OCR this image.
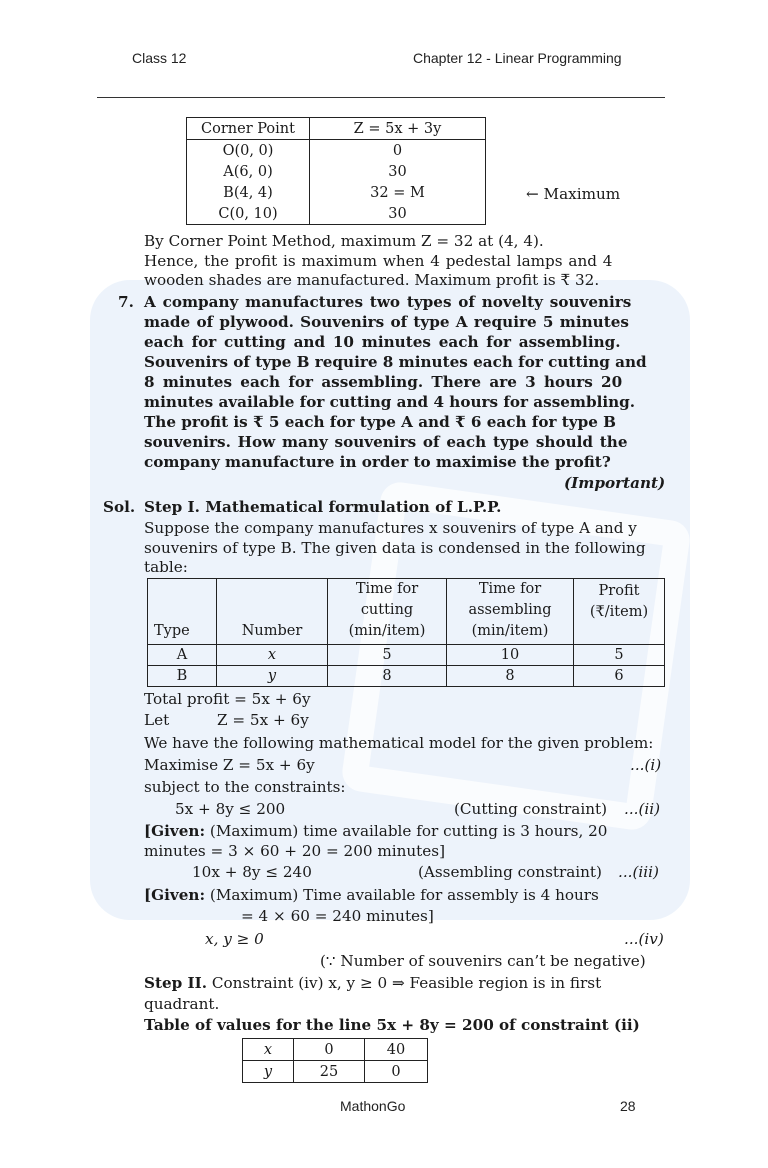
Class 12	Chapter 12 - Linear Programming
Corner Point	Z = 5x + 3y
O(0, 0)	0
A(6, 0)	30
B(4, 4)	32 = M
C(0, 10)	30
← Maximum
By Corner Point Method, maximum Z = 32 at (4, 4).
Hence, the profit is maximum when 4 pedestal lamps and 4
wooden shades are manufactured. Maximum profit is ₹ 32.
7. A company manufactures two types of novelty souvenirs
made of plywood. Souvenirs of type A require 5 minutes
each for cutting and 10 minutes each for assembling.
Souvenirs of type B require 8 minutes each for cutting and
8 minutes each for assembling. There are 3 hours 20
minutes available for cutting and 4 hours for assembling.
The profit is ₹ 5 each for type A and ₹ 6 each for type B
souvenirs. How many souvenirs of each type should the
company manufacture in order to maximise the profit?
(Important)
Sol. Step I. Mathematical formulation of L.P.P.
Suppose the company manufactures x souvenirs of type A and y
souvenirs of type B. The given data is condensed in the following
table:
Type	Number	Time for
cutting
(min/item)	Time for
assembling
(min/item)	Profit
(₹/item)
A	x	5	10	5
B	y	8	8	6
Total profit = 5x + 6y
Let	Z = 5x + 6y
We have the following mathematical model for the given problem:
Maximise Z = 5x + 6y	...(i)
subject to the constraints:
5x + 8y ≤ 200	(Cutting constraint) ...(ii)
[Given: (Maximum) time available for cutting is 3 hours, 20
minutes = 3 × 60 + 20 = 200 minutes]
10x + 8y ≤ 240	(Assembling constraint) ...(iii)
[Given: (Maximum) Time available for assembly is 4 hours
= 4 × 60 = 240 minutes]
x, y ≥ 0	...(iv)
(∵ Number of souvenirs can’t be negative)
Step II. Constraint (iv) x, y ≥ 0 ⇒ Feasible region is in first
quadrant.
Table of values for the line 5x + 8y = 200 of constraint (ii)
x	0	40
y	25	0
MathonGo	28
